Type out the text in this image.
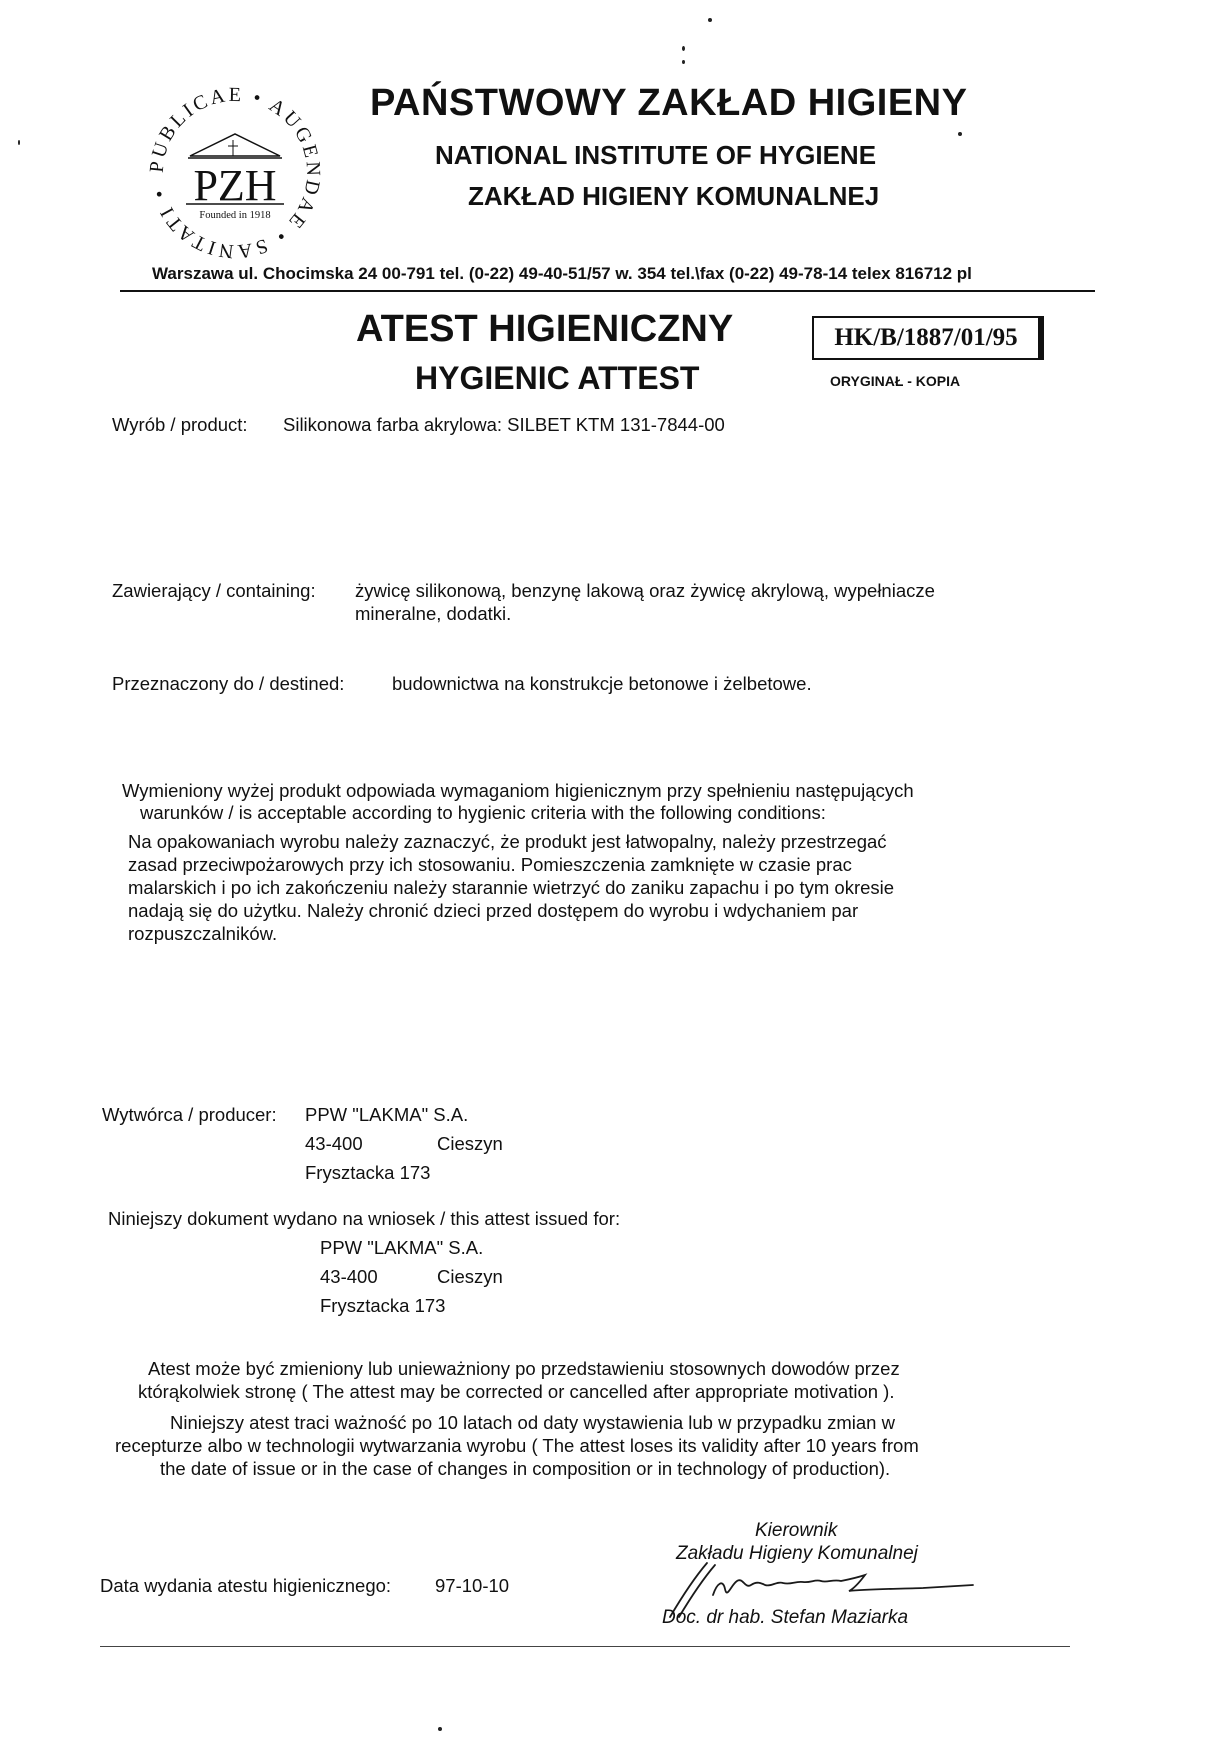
PUBLICAE • AUGENDAE • SANITATI • PZH
Founded in 1918
PAŃSTWOWY ZAKŁAD HIGIENY
NATIONAL INSTITUTE OF HYGIENE
ZAKŁAD HIGIENY KOMUNALNEJ
Warszawa ul. Chocimska 24 00-791 tel. (0-22) 49-40-51/57 w. 354 tel.\fax (0-22) 49-78-14 telex 816712 pl
ATEST HIGIENICZNY
HYGIENIC ATTEST
HK/B/1887/01/95
ORYGINAŁ - KOPIA
Wyrób / product: Silikonowa farba akrylowa: SILBET KTM 131-7844-00
Zawierający / containing: żywicę silikonową, benzynę lakową oraz żywicę akrylową, wypełniacze
mineralne, dodatki.
Przeznaczony do / destined:	budownictwa na konstrukcje betonowe i żelbetowe.
Wymieniony wyżej produkt odpowiada wymaganiom higienicznym przy spełnieniu następujących
warunków / is acceptable according to hygienic criteria with the following conditions:
Na opakowaniach wyrobu należy zaznaczyć, że produkt jest łatwopalny, należy przestrzegać
zasad przeciwpożarowych przy ich stosowaniu. Pomieszczenia zamknięte w czasie prac
malarskich i po ich zakończeniu należy starannie wietrzyć do zaniku zapachu i po tym okresie
nadają się do użytku. Należy chronić dzieci przed dostępem do wyrobu i wdychaniem par
rozpuszczalników.
Wytwórca / producer: PPW "LAKMA" S.A.
43-400	Cieszyn
Frysztacka 173
Niniejszy dokument wydano na wniosek / this attest issued for:
PPW "LAKMA" S.A.
43-400	Cieszyn
Frysztacka 173
Atest może być zmieniony lub unieważniony po przedstawieniu stosownych dowodów przez
którąkolwiek stronę ( The attest may be corrected or cancelled after appropriate motivation ).
Niniejszy atest traci ważność po 10 latach od daty wystawienia lub w przypadku zmian w
recepturze albo w technologii wytwarzania wyrobu ( The attest loses its validity after 10 years from
the date of issue or in the case of changes in composition or in technology of production).
Data wydania atestu higienicznego: 97-10-10
Kierownik
Zakładu Higieny Komunalnej
Doc. dr hab. Stefan Maziarka
